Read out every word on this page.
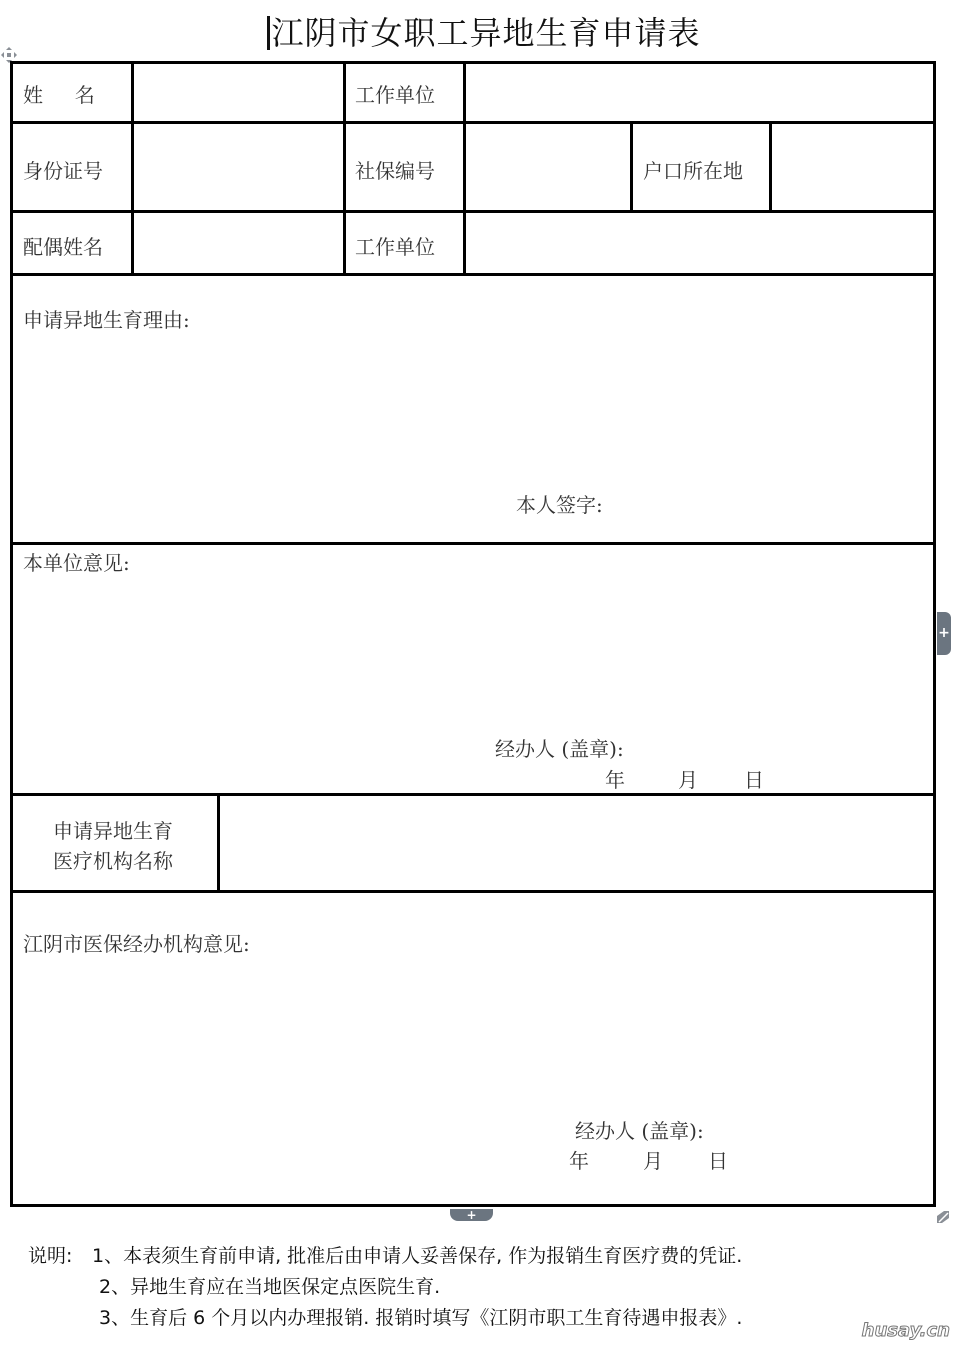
江阴市女职工异地生育申请表
姓     名	工作单位
身份证号	社保编号	户口所在地
配偶姓名	工作单位
申请异地生育理由:
本人签字:
本单位意见:
经办人 (盖章):
年	月 日
申请异地生育
医疗机构名称
江阴市医保经办机构意见:
经办人 (盖章):
年	月 日
+
+
说明: 1、本表须生育前申请, 批准后由申请人妥善保存, 作为报销生育医疗费的凭证.
2、异地生育应在当地医保定点医院生育.
3、生育后 6 个月以内办理报销. 报销时填写《江阴市职工生育待遇申报表》.
husay.cn
